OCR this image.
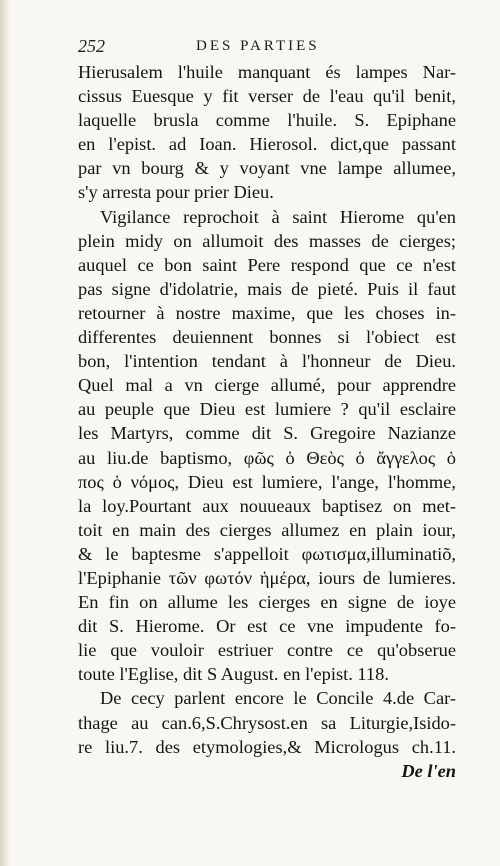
252	DES PARTIES
Hierusalem l'huile manquant és lampes Nar-
cissus Euesque y fit verser de l'eau qu'il benit,
laquelle brusla comme l'huile. S. Epiphane
en l'epist. ad Ioan. Hierosol. dict,que passant
par vn bourg & y voyant vne lampe allumee,
s'y arresta pour prier Dieu.
Vigilance reprochoit à saint Hierome qu'en
plein midy on allumoit des masses de cierges;
auquel ce bon saint Pere respond que ce n'est
pas signe d'idolatrie, mais de pieté. Puis il faut
retourner à nostre maxime, que les choses in-
differentes deuiennent bonnes si l'obiect est
bon, l'intention tendant à l'honneur de Dieu.
Quel mal a vn cierge allumé, pour apprendre
au peuple que Dieu est lumiere ? qu'il esclaire
les Martyrs, comme dit S. Gregoire Nazianze
au liu.de baptismo, φῶς ὁ Θεὸς ὁ ἄγγελος ὁ
πος ὁ νόμος, Dieu est lumiere, l'ange, l'homme,
la loy.Pourtant aux nouueaux baptisez on met-
toit en main des cierges allumez en plain iour,
& le baptesme s'appelloit φωτισμα,illuminatiõ,
l'Epiphanie τῶν φωτόν ἡμέρα, iours de lumieres.
En fin on allume les cierges en signe de ioye
dit S. Hierome. Or est ce vne impudente fo-
lie que vouloir estriuer contre ce qu'obserue
toute l'Eglise, dit S August. en l'epist. 118.
De cecy parlent encore le Concile 4.de Car-
thage au can.6,S.Chrysost.en sa Liturgie,Isido-
re liu.7. des etymologies,& Micrologus ch.11.
De l'en
